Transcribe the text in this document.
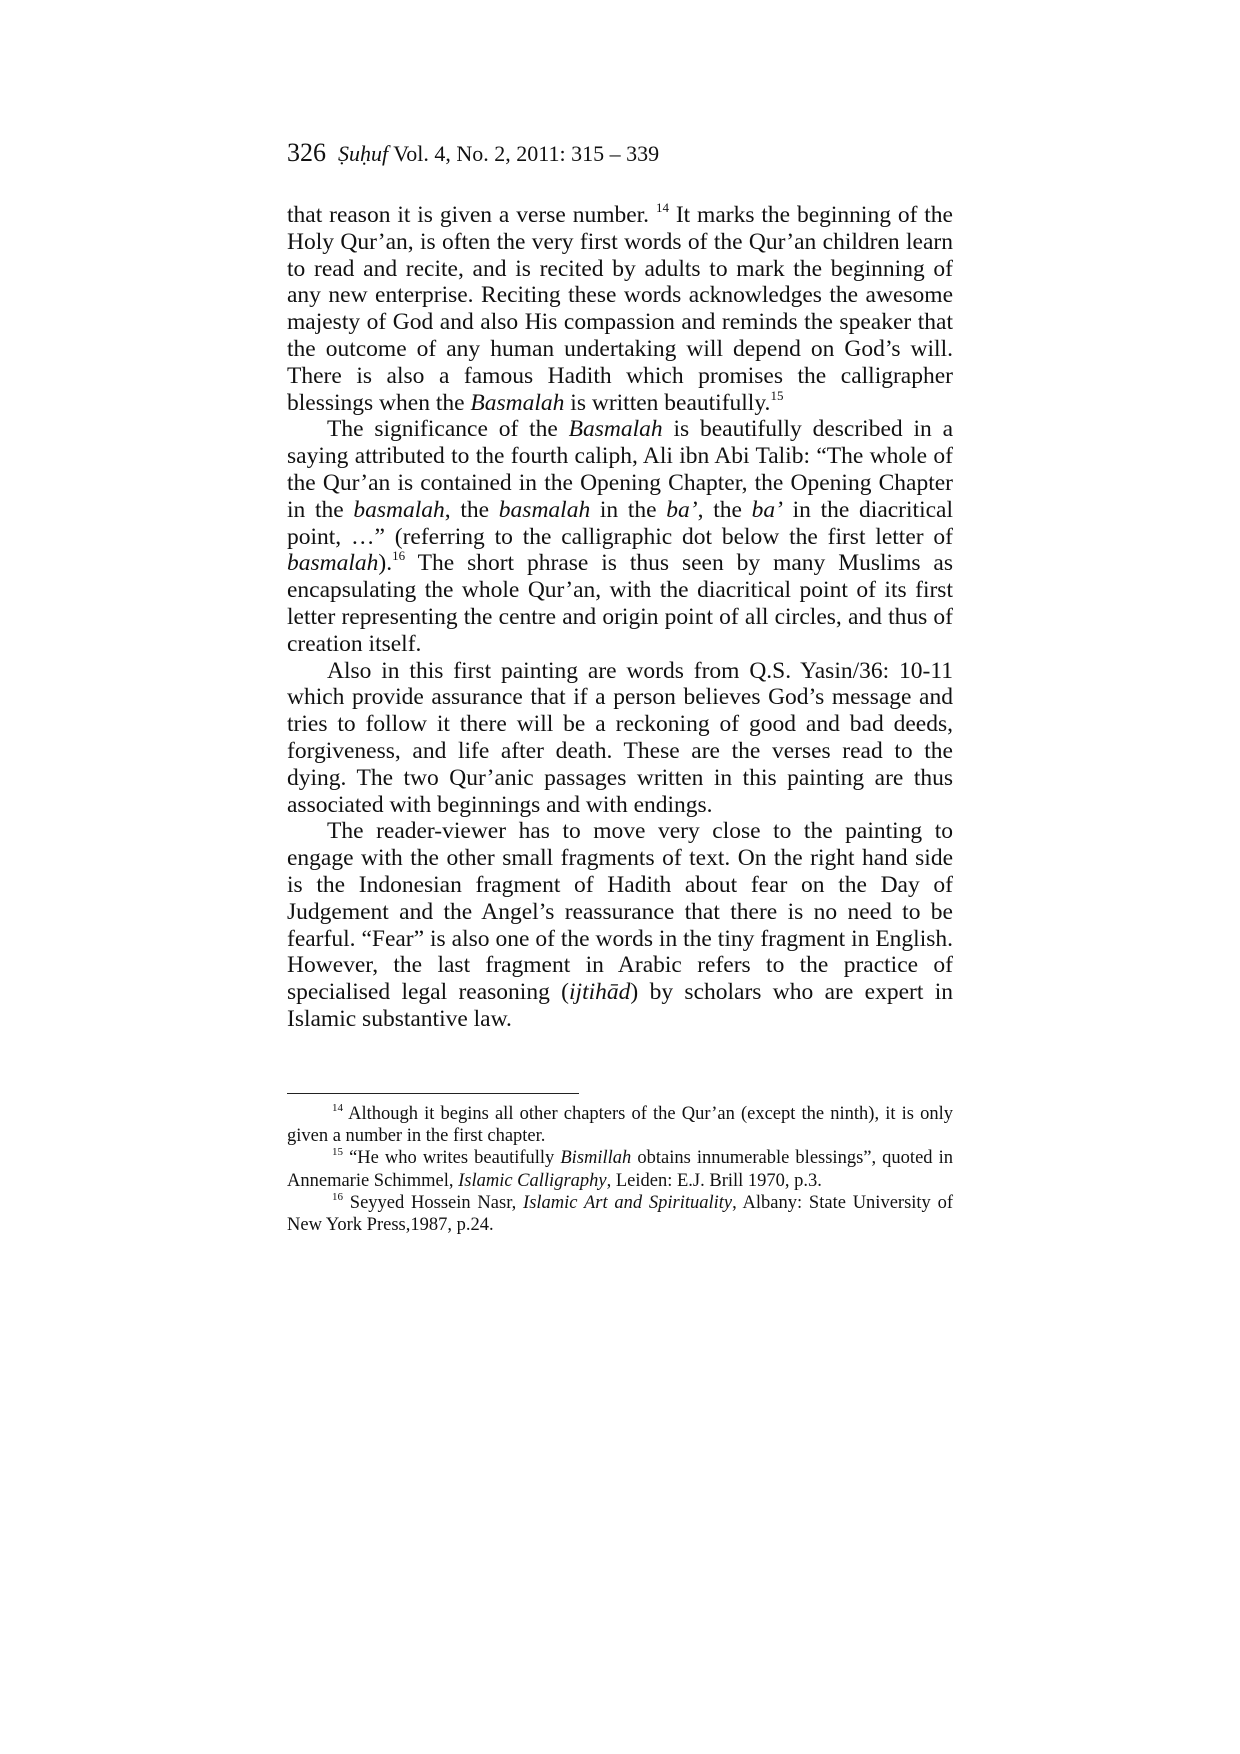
326 Ṣuḥuf Vol. 4, No. 2, 2011: 315 – 339

that reason it is given a verse number. $^{14}$ It marks the beginning of the Holy Qur’an, is often the very first words of the Qur’an children learn to read and recite, and is recited by adults to mark the beginning of any new enterprise. Reciting these words acknowledges the awesome majesty of God and also His compassion and reminds the speaker that the outcome of any human undertaking will depend on God’s will. There is also a famous Hadith which promises the calligrapher blessings when the Basmalah is written beautifully.$^{15}$

The significance of the Basmalah is beautifully described in a saying attributed to the fourth caliph, Ali ibn Abi Talib: “The whole of the Qur’an is contained in the Opening Chapter, the Opening Chapter in the basmalah, the basmalah in the ba’, the ba’ in the diacritical point, …” (referring to the calligraphic dot below the first letter of basmalah).$^{16}$ The short phrase is thus seen by many Muslims as encapsulating the whole Qur’an, with the diacritical point of its first letter representing the centre and origin point of all circles, and thus of creation itself.

Also in this first painting are words from Q.S. Yasin/36: 10-11 which provide assurance that if a person believes God’s message and tries to follow it there will be a reckoning of good and bad deeds, forgiveness, and life after death. These are the verses read to the dying. The two Qur’anic passages written in this painting are thus associated with beginnings and with endings.

The reader-viewer has to move very close to the painting to engage with the other small fragments of text. On the right hand side is the Indonesian fragment of Hadith about fear on the Day of Judgement and the Angel’s reassurance that there is no need to be fearful. “Fear” is also one of the words in the tiny fragment in English. However, the last fragment in Arabic refers to the practice of specialised legal reasoning (ijtihād) by scholars who are expert in Islamic substantive law.

$^{14}$ Although it begins all other chapters of the Qur’an (except the ninth), it is only given a number in the first chapter.

$^{15}$ “He who writes beautifully Bismillah obtains innumerable blessings”, quoted in Annemarie Schimmel, Islamic Calligraphy, Leiden: E.J. Brill 1970, p.3.

$^{16}$ Seyyed Hossein Nasr, Islamic Art and Spirituality, Albany: State University of New York Press,1987, p.24.
